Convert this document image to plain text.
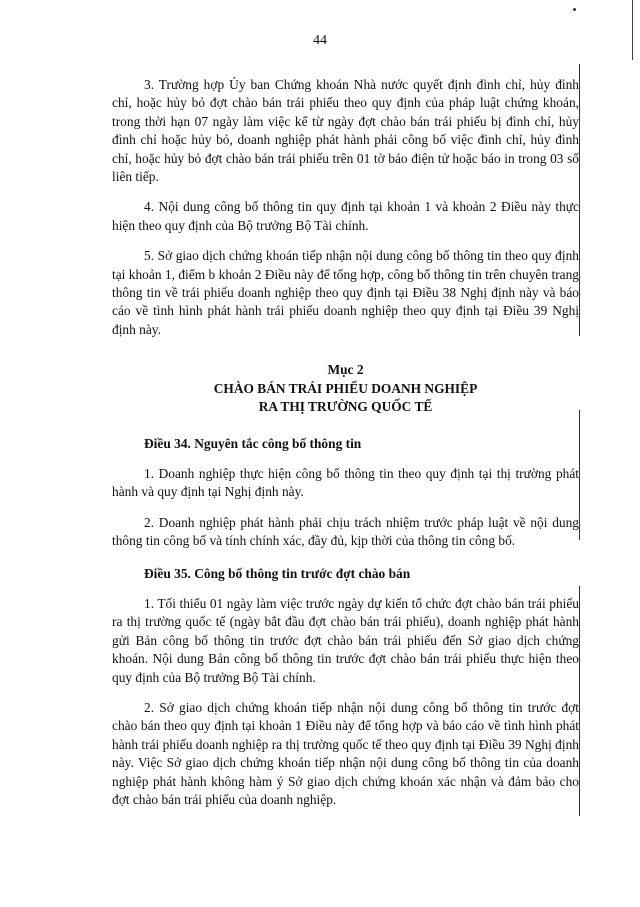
44

3. Trường hợp Ủy ban Chứng khoán Nhà nước quyết định đình chỉ, hủy đình chỉ, hoặc hủy bỏ đợt chào bán trái phiếu theo quy định của pháp luật chứng khoán, trong thời hạn 07 ngày làm việc kể từ ngày đợt chào bán trái phiếu bị đình chỉ, hủy đình chỉ hoặc hủy bỏ, doanh nghiệp phát hành phải công bố việc đình chỉ, hủy đình chỉ, hoặc hủy bỏ đợt chào bán trái phiếu trên 01 tờ báo điện tử hoặc báo in trong 03 số liên tiếp.

4. Nội dung công bố thông tin quy định tại khoản 1 và khoản 2 Điều này thực hiện theo quy định của Bộ trưởng Bộ Tài chính.

5. Sở giao dịch chứng khoán tiếp nhận nội dung công bố thông tin theo quy định tại khoản 1, điểm b khoản 2 Điều này để tổng hợp, công bố thông tin trên chuyên trang thông tin về trái phiếu doanh nghiệp theo quy định tại Điều 38 Nghị định này và báo cáo về tình hình phát hành trái phiếu doanh nghiệp theo quy định tại Điều 39 Nghị định này.

Mục 2

CHÀO BÁN TRÁI PHIẾU DOANH NGHIỆP

RA THỊ TRƯỜNG QUỐC TẾ

Điều 34. Nguyên tắc công bố thông tin

1. Doanh nghiệp thực hiện công bố thông tin theo quy định tại thị trường phát hành và quy định tại Nghị định này.

2. Doanh nghiệp phát hành phải chịu trách nhiệm trước pháp luật về nội dung thông tin công bố và tính chính xác, đầy đủ, kịp thời của thông tin công bố.

Điều 35. Công bố thông tin trước đợt chào bán

1. Tối thiểu 01 ngày làm việc trước ngày dự kiến tổ chức đợt chào bán trái phiếu ra thị trường quốc tế (ngày bắt đầu đợt chào bán trái phiếu), doanh nghiệp phát hành gửi Bản công bố thông tin trước đợt chào bán trái phiếu đến Sở giao dịch chứng khoán. Nội dung Bản công bố thông tin trước đợt chào bán trái phiếu thực hiện theo quy định của Bộ trưởng Bộ Tài chính.

2. Sở giao dịch chứng khoán tiếp nhận nội dung công bố thông tin trước đợt chào bán theo quy định tại khoản 1 Điều này để tổng hợp và báo cáo về tình hình phát hành trái phiếu doanh nghiệp ra thị trường quốc tế theo quy định tại Điều 39 Nghị định này. Việc Sở giao dịch chứng khoán tiếp nhận nội dung công bố thông tin của doanh nghiệp phát hành không hàm ý Sở giao dịch chứng khoán xác nhận và đảm bảo cho đợt chào bán trái phiếu của doanh nghiệp.
